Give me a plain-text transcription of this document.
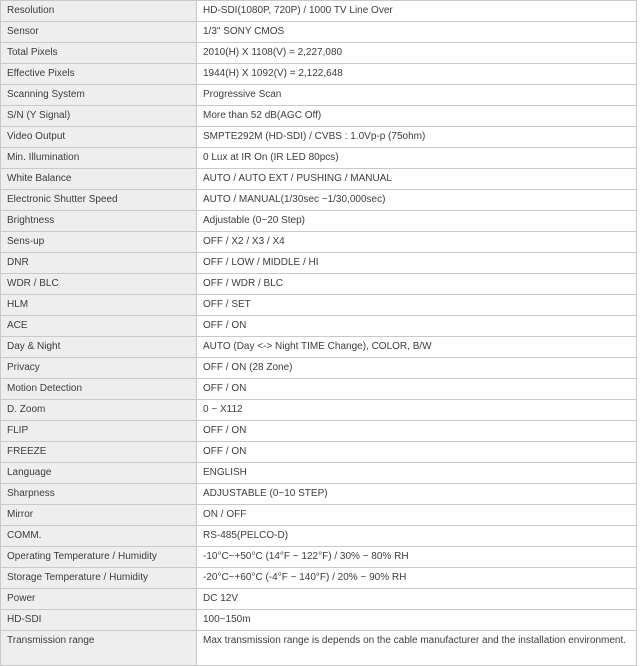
Resolution	HD-SDI(1080P, 720P) / 1000 TV Line Over
Sensor	1/3" SONY CMOS
Total Pixels	2010(H) X 1108(V) = 2,227,080
Effective Pixels	1944(H) X 1092(V) = 2,122,648
Scanning System	Progressive Scan
S/N (Y Signal)	More than 52 dB(AGC Off)
Video Output	SMPTE292M (HD-SDI) / CVBS : 1.0Vp-p (75ohm)
Min. Illumination	0 Lux at IR On (IR LED 80pcs)
White Balance	AUTO / AUTO EXT / PUSHING / MANUAL
Electronic Shutter Speed	AUTO / MANUAL(1/30sec ~1/30,000sec)
Brightness	Adjustable (0~20 Step)
Sens-up	OFF / X2 / X3 / X4
DNR	OFF / LOW / MIDDLE / HI
WDR / BLC	OFF / WDR / BLC
HLM	OFF / SET
ACE	OFF / ON
Day & Night	AUTO (Day <-> Night TIME Change), COLOR, B/W
Privacy	OFF / ON (28 Zone)
Motion Detection	OFF / ON
D. Zoom	0 ~ X112
FLIP	OFF / ON
FREEZE	OFF / ON
Language	ENGLISH
Sharpness	ADJUSTABLE (0~10 STEP)
Mirror	ON / OFF
COMM.	RS-485(PELCO-D)
Operating Temperature / Humidity	-10°C~+50°C (14°F ~ 122°F) / 30% ~ 80% RH
Storage Temperature / Humidity	-20°C~+60°C (-4°F ~ 140°F) / 20% ~ 90% RH
Power	DC 12V
HD-SDI	100~150m
Transmission range	Max transmission range is depends on the cable manufacturer and the installation environment.
